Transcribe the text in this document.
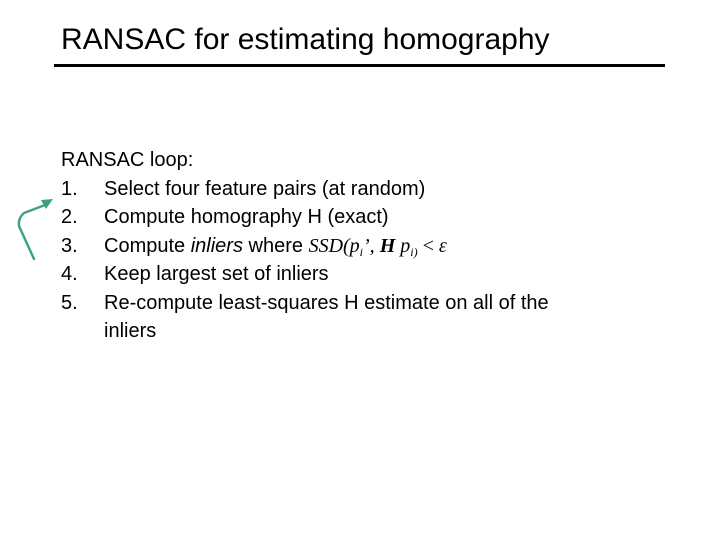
RANSAC for estimating homography
RANSAC loop:
1. Select four feature pairs (at random)
2. Compute homography H (exact)
3. Compute inliers where $SSD(p_i$’, H $p_{i)} < \varepsilon$
4. Keep largest set of inliers
5. Re-compute least-squares H estimate on all of the
inliers
